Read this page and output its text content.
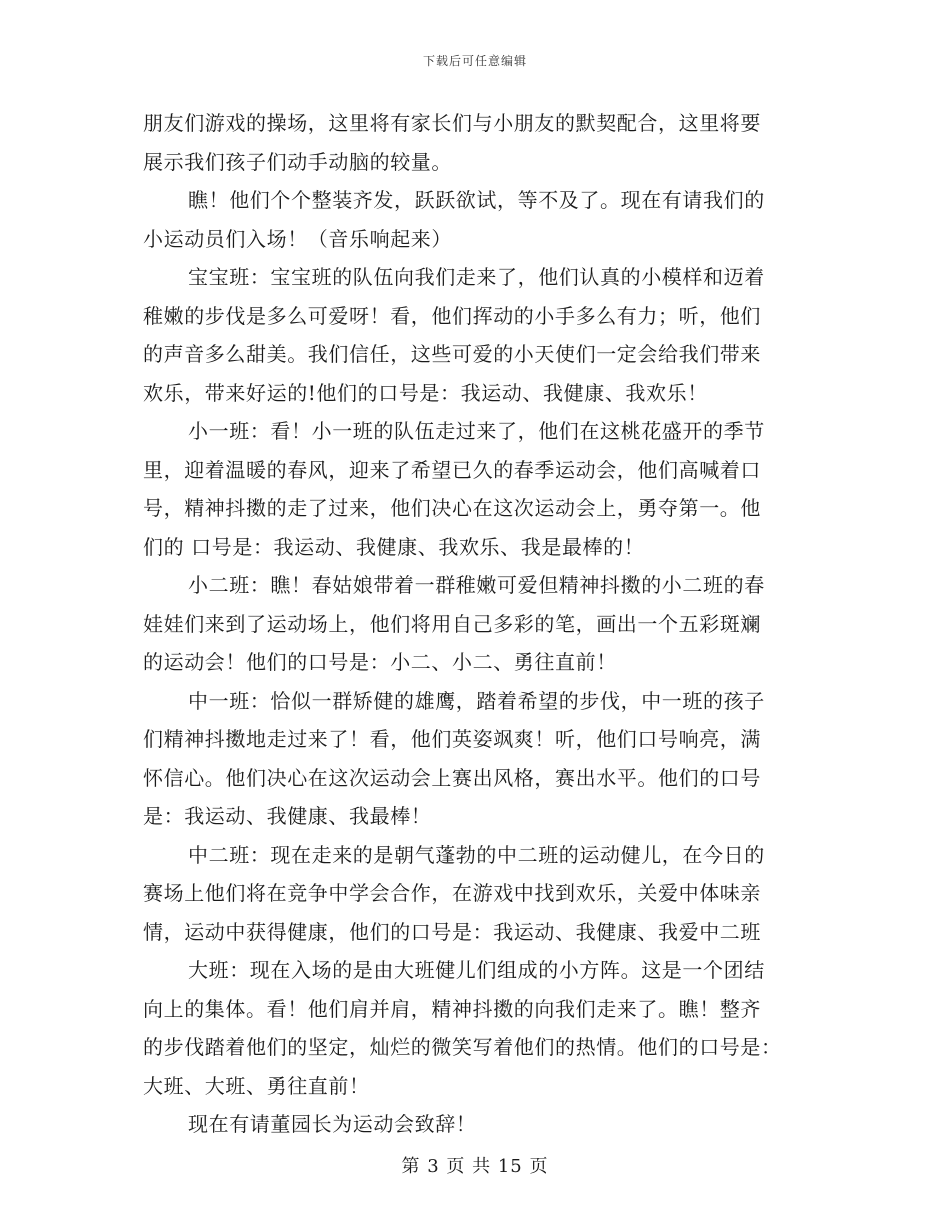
下载后可任意编辑
朋友们游戏的操场，这里将有家长们与小朋友的默契配合，这里将要
展示我们孩子们动手动脑的较量。
瞧！他们个个整装齐发，跃跃欲试，等不及了。现在有请我们的
小运动员们入场！（音乐响起来）
宝宝班：宝宝班的队伍向我们走来了，他们认真的小模样和迈着
稚嫩的步伐是多么可爱呀！看，他们挥动的小手多么有力；听，他们
的声音多么甜美。我们信任，这些可爱的小天使们一定会给我们带来
欢乐，带来好运的!他们的口号是：我运动、我健康、我欢乐！
小一班：看！小一班的队伍走过来了，他们在这桃花盛开的季节
里，迎着温暖的春风，迎来了希望已久的春季运动会，他们高喊着口
号，精神抖擞的走了过来，他们决心在这次运动会上，勇夺第一。他
们的 口号是：我运动、我健康、我欢乐、我是最棒的！
小二班：瞧！春姑娘带着一群稚嫩可爱但精神抖擞的小二班的春
娃娃们来到了运动场上，他们将用自己多彩的笔，画出一个五彩斑斓
的运动会！他们的口号是：小二、小二、勇往直前！
中一班：恰似一群矫健的雄鹰，踏着希望的步伐，中一班的孩子
们精神抖擞地走过来了！看，他们英姿飒爽！听，他们口号响亮，满
怀信心。他们决心在这次运动会上赛出风格，赛出水平。他们的口号
是：我运动、我健康、我最棒！
中二班：现在走来的是朝气蓬勃的中二班的运动健儿，在今日的
赛场上他们将在竞争中学会合作，在游戏中找到欢乐，关爱中体味亲
情，运动中获得健康，他们的口号是：我运动、我健康、我爱中二班
大班：现在入场的是由大班健儿们组成的小方阵。这是一个团结
向上的集体。看！他们肩并肩，精神抖擞的向我们走来了。瞧！整齐
的步伐踏着他们的坚定，灿烂的微笑写着他们的热情。他们的口号是：
大班、大班、勇往直前！
现在有请董园长为运动会致辞！
第 3 页 共 15 页
